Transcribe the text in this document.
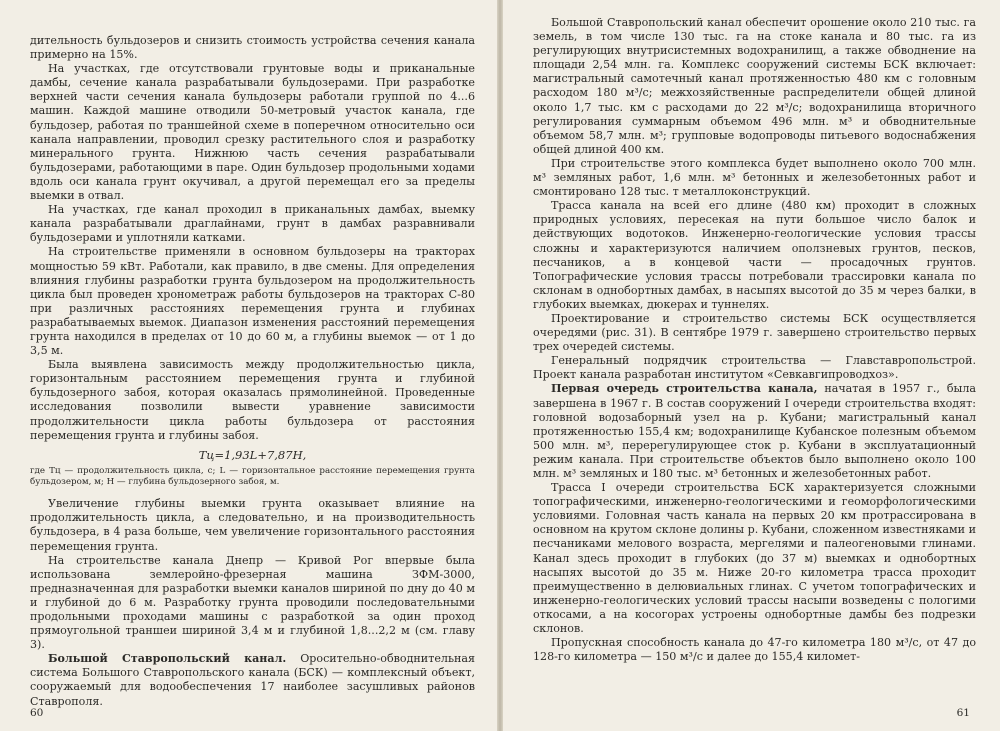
дительность бульдозеров и снизить стоимость устройства сечения канала примерно на 15%.

На участках, где отсутствовали грунтовые воды и приканальные дамбы, сечение канала разрабатывали бульдозерами. При разработке верхней части сечения канала бульдозеры работали группой по 4...6 машин. Каждой машине отводили 50-метровый участок канала, где бульдозер, работая по траншейной схеме в поперечном относительно оси канала направлении, проводил срезку растительного слоя и разработку минерального грунта. Нижнюю часть сечения разрабатывали бульдозерами, работающими в паре. Один бульдозер продольными ходами вдоль оси канала грунт окучивал, а другой перемещал его за пределы выемки в отвал.

На участках, где канал проходил в приканальных дамбах, выемку канала разрабатывали драглайнами, грунт в дамбах разравнивали бульдозерами и уплотняли катками.

На строительстве применяли в основном бульдозеры на тракторах мощностью 59 кВт. Работали, как правило, в две смены. Для определения влияния глубины разработки грунта бульдозером на продолжительность цикла был проведен хронометраж работы бульдозеров на тракторах С-80 при различных расстояниях перемещения грунта и глубинах разрабатываемых выемок. Диапазон изменения расстояний перемещения грунта находился в пределах от 10 до 60 м, а глубины выемок — от 1 до 3,5 м.

Была выявлена зависимость между продолжительностью цикла, горизонтальным расстоянием перемещения грунта и глубиной бульдозерного забоя, которая оказалась прямолинейной. Проведенные исследования позволили вывести уравнение зависимости продолжительности цикла работы бульдозера от расстояния перемещения грунта и глубины забоя.

Tц=1,93L+7,87H,

где Tц — продолжительность цикла, с; L — горизонтальное расстояние перемещения грунта бульдозером, м; H — глубина бульдозерного забоя, м.

Увеличение глубины выемки грунта оказывает влияние на продолжительность цикла, а следовательно, и на производительность бульдозера, в 4 раза больше, чем увеличение горизонтального расстояния перемещения грунта.

На строительстве канала Днепр — Кривой Рог впервые была использована землеройно-фрезерная машина ЗФМ-3000, предназначенная для разработки выемки каналов шириной по дну до 40 м и глубиной до 6 м. Разработку грунта проводили последовательными продольными проходами машины с разработкой за один проход прямоугольной траншеи шириной 3,4 м и глубиной 1,8...2,2 м (см. главу 3).

Большой Ставропольский канал. Оросительно-обводнительная система Большого Ставропольского канала (БСК) — комплексный объект, сооружаемый для водообеспечения 17 наиболее засушливых районов Ставрополя.

60

Большой Ставропольский канал обеспечит орошение около 210 тыс. га земель, в том числе 130 тыс. га на стоке канала и 80 тыс. га из регулирующих внутрисистемных водохранилищ, а также обводнение на площади 2,54 млн. га. Комплекс сооружений системы БСК включает: магистральный самотечный канал протяженностью 480 км с головным расходом 180 м³/с; межхозяйственные распределители общей длиной около 1,7 тыс. км с расходами до 22 м³/с; водохранилища вторичного регулирования суммарным объемом 496 млн. м³ и обводнительные объемом 58,7 млн. м³; групповые водопроводы питьевого водоснабжения общей длиной 400 км.

При строительстве этого комплекса будет выполнено около 700 млн. м³ земляных работ, 1,6 млн. м³ бетонных и железобетонных работ и смонтировано 128 тыс. т металлоконструкций.

Трасса канала на всей его длине (480 км) проходит в сложных природных условиях, пересекая на пути большое число балок и действующих водотоков. Инженерно-геологические условия трассы сложны и характеризуются наличием оползневых грунтов, песков, песчаников, а в концевой части — просадочных грунтов. Топографические условия трассы потребовали трассировки канала по склонам в однобортных дамбах, в насыпях высотой до 35 м через балки, в глубоких выемках, дюкерах и туннелях.

Проектирование и строительство системы БСК осуществляется очередями (рис. 31). В сентябре 1979 г. завершено строительство первых трех очередей системы.

Генеральный подрядчик строительства — Главставропольстрой. Проект канала разработан институтом «Севкавгипроводхоз».

Первая очередь строительства канала, начатая в 1957 г., была завершена в 1967 г. В состав сооружений I очереди строительства входят: головной водозаборный узел на р. Кубани; магистральный канал протяженностью 155,4 км; водохранилище Кубанское полезным объемом 500 млн. м³, перерегулирующее сток р. Кубани в эксплуатационный режим канала. При строительстве объектов было выполнено около 100 млн. м³ земляных и 180 тыс. м³ бетонных и железобетонных работ.

Трасса I очереди строительства БСК характеризуется сложными топографическими, инженерно-геологическими и геоморфологическими условиями. Головная часть канала на первых 20 км протрассирована в основном на крутом склоне долины р. Кубани, сложенном известняками и песчаниками мелового возраста, мергелями и палеогеновыми глинами. Канал здесь проходит в глубоких (до 37 м) выемках и однобортных насыпях высотой до 35 м. Ниже 20-го километра трасса проходит преимущественно в делювиальных глинах. С учетом топографических и инженерно-геологических условий трассы насыпи возведены с пологими откосами, а на косогорах устроены однобортные дамбы без подрезки склонов.

Пропускная способность канала до 47-го километра 180 м³/с, от 47 до 128-го километра — 150 м³/с и далее до 155,4 километ-

61
